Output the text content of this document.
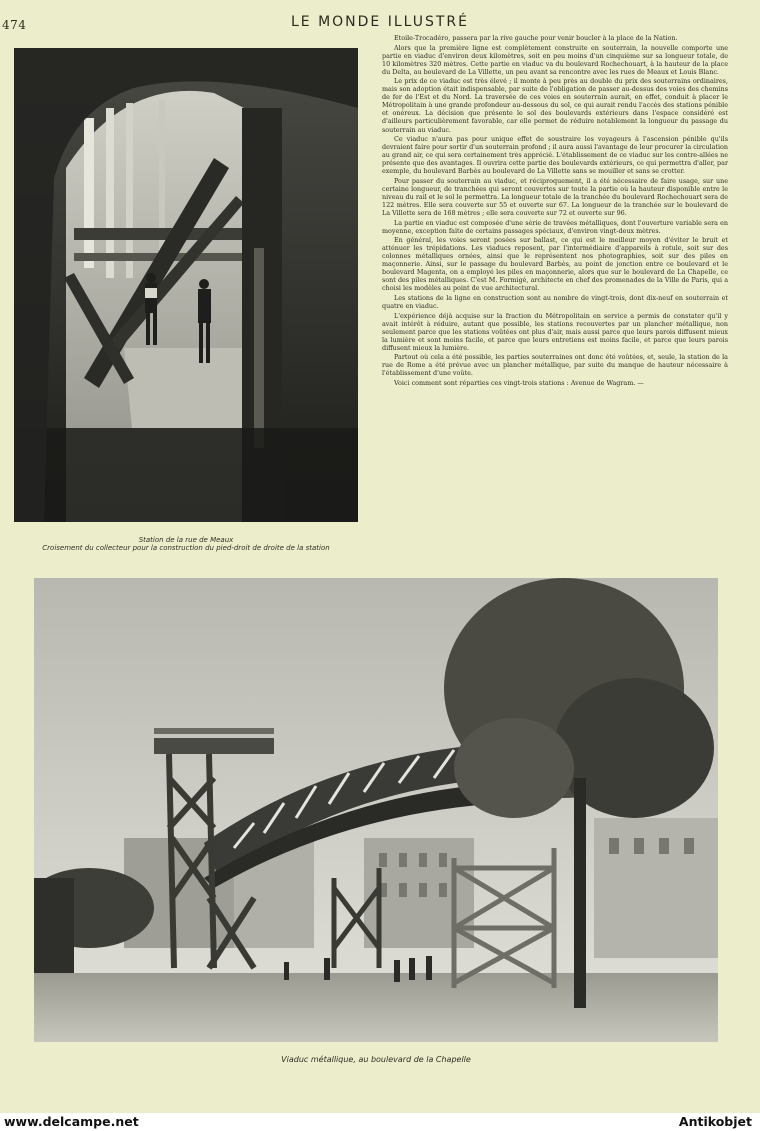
474	LE MONDE ILLUSTRÉ
Station de la rue de Meaux
Croisement du collecteur pour la construction du pied-droit de droite de la station

Etoile-Trocadéro, passera par la rive gauche pour venir boucler à la place de la Nation.

Alors que la première ligne est complètement construite en souterrain, la nouvelle comporte une partie en viaduc d'environ deux kilomètres, soit en peu moins d'un cinquième sur sa longueur totale, de 10 kilomètres 320 mètres. Cette partie en viaduc va du boulevard Rochechouart, à la hauteur de la place du Delta, au boulevard de La Villette, un peu avant sa rencontre avec les rues de Meaux et Louis Blanc.

Le prix de ce viaduc est très élevé ; il monte à peu près au double du prix des souterrains ordinaires, mais son adoption était indispensable, par suite de l'obligation de passer au-dessus des voies des chemins de fer de l'Est et du Nord. La traversée de ces voies en souterrain aurait, en effet, conduit à placer le Métropolitain à une grande profondeur au-dessous du sol, ce qui aurait rendu l'accès des stations pénible et onéreux. La décision que présente le sol des boulevards extérieurs dans l'espace considéré est d'ailleurs particulièrement favorable, car elle permet de réduire notablement la longueur du passage du souterrain au viaduc.

Ce viaduc n'aura pas pour unique effet de soustraire les voyageurs à l'ascension pénible qu'ils devraient faire pour sortir d'un souterrain profond ; il aura aussi l'avantage de leur procurer la circulation au grand air, ce qui sera certainement très apprécié. L'établissement de ce viaduc sur les contre-allées ne présente que des avantages. Il ouvrira cette partie des boulevards extérieurs, ce qui permettra d'aller, par exemple, du boulevard Barbès au boulevard de La Villette sans se mouiller et sans se crotter.

Pour passer du souterrain au viaduc, et réciproquement, il a été nécessaire de faire usage, sur une certaine longueur, de tranchées qui seront couvertes sur toute la partie où la hauteur disponible entre le niveau du rail et le sol le permettra. La longueur totale de la tranchée du boulevard Rochechouart sera de 122 mètres. Elle sera couverte sur 55 et ouverte sur 67. La longueur de la tranchée sur le boulevard de La Villette sera de 168 mètres ; elle sera couverte sur 72 et ouverte sur 96.

La partie en viaduc est composée d'une série de travées métalliques, dont l'ouverture variable sera en moyenne, exception faite de certains passages spéciaux, d'environ vingt-deux mètres.

En général, les voies seront posées sur ballast, ce qui est le meilleur moyen d'éviter le bruit et atténuer les trépidations. Les viaducs reposent, par l'intermédiaire d'appareils à rotule, soit sur des colonnes métalliques ornées, ainsi que le représentent nos photographies, soit sur des piles en maçonnerie. Ainsi, sur le passage du boulevard Barbès, au point de jonction entre ce boulevard et le boulevard Magenta, on a employé les piles en maçonnerie, alors que sur le boulevard de La Chapelle, ce sont des piles métalliques. C'est M. Formigé, architecte en chef des promenades de la Ville de Paris, qui a choisi les modèles au point de vue architectural.

Les stations de la ligne en construction sont au nombre de vingt-trois, dont dix-neuf en souterrain et quatre en viaduc.

L'expérience déjà acquise sur la fraction du Métropolitain en service a permis de constater qu'il y avait intérêt à réduire, autant que possible, les stations recouvertes par un plancher métallique, non seulement parce que les stations voûtées ont plus d'air, mais aussi parce que leurs parois diffusent mieux la lumière et sont moins facile, et parce que leurs entretiens est moins facile, et parce que leurs parois diffusent mieux la lumière.

Partout où cela a été possible, les parties souterraines ont donc été voûtées, et, seule, la station de la rue de Rome a été prévue avec un plancher métallique, par suite du manque de hauteur nécessaire à l'établissement d'une voûte.

Voici comment sont réparties ces vingt-trois stations : Avenue de Wagram. —

Viaduc métallique, au boulevard de la Chapelle
www.delcampe.net	Antikobjet
